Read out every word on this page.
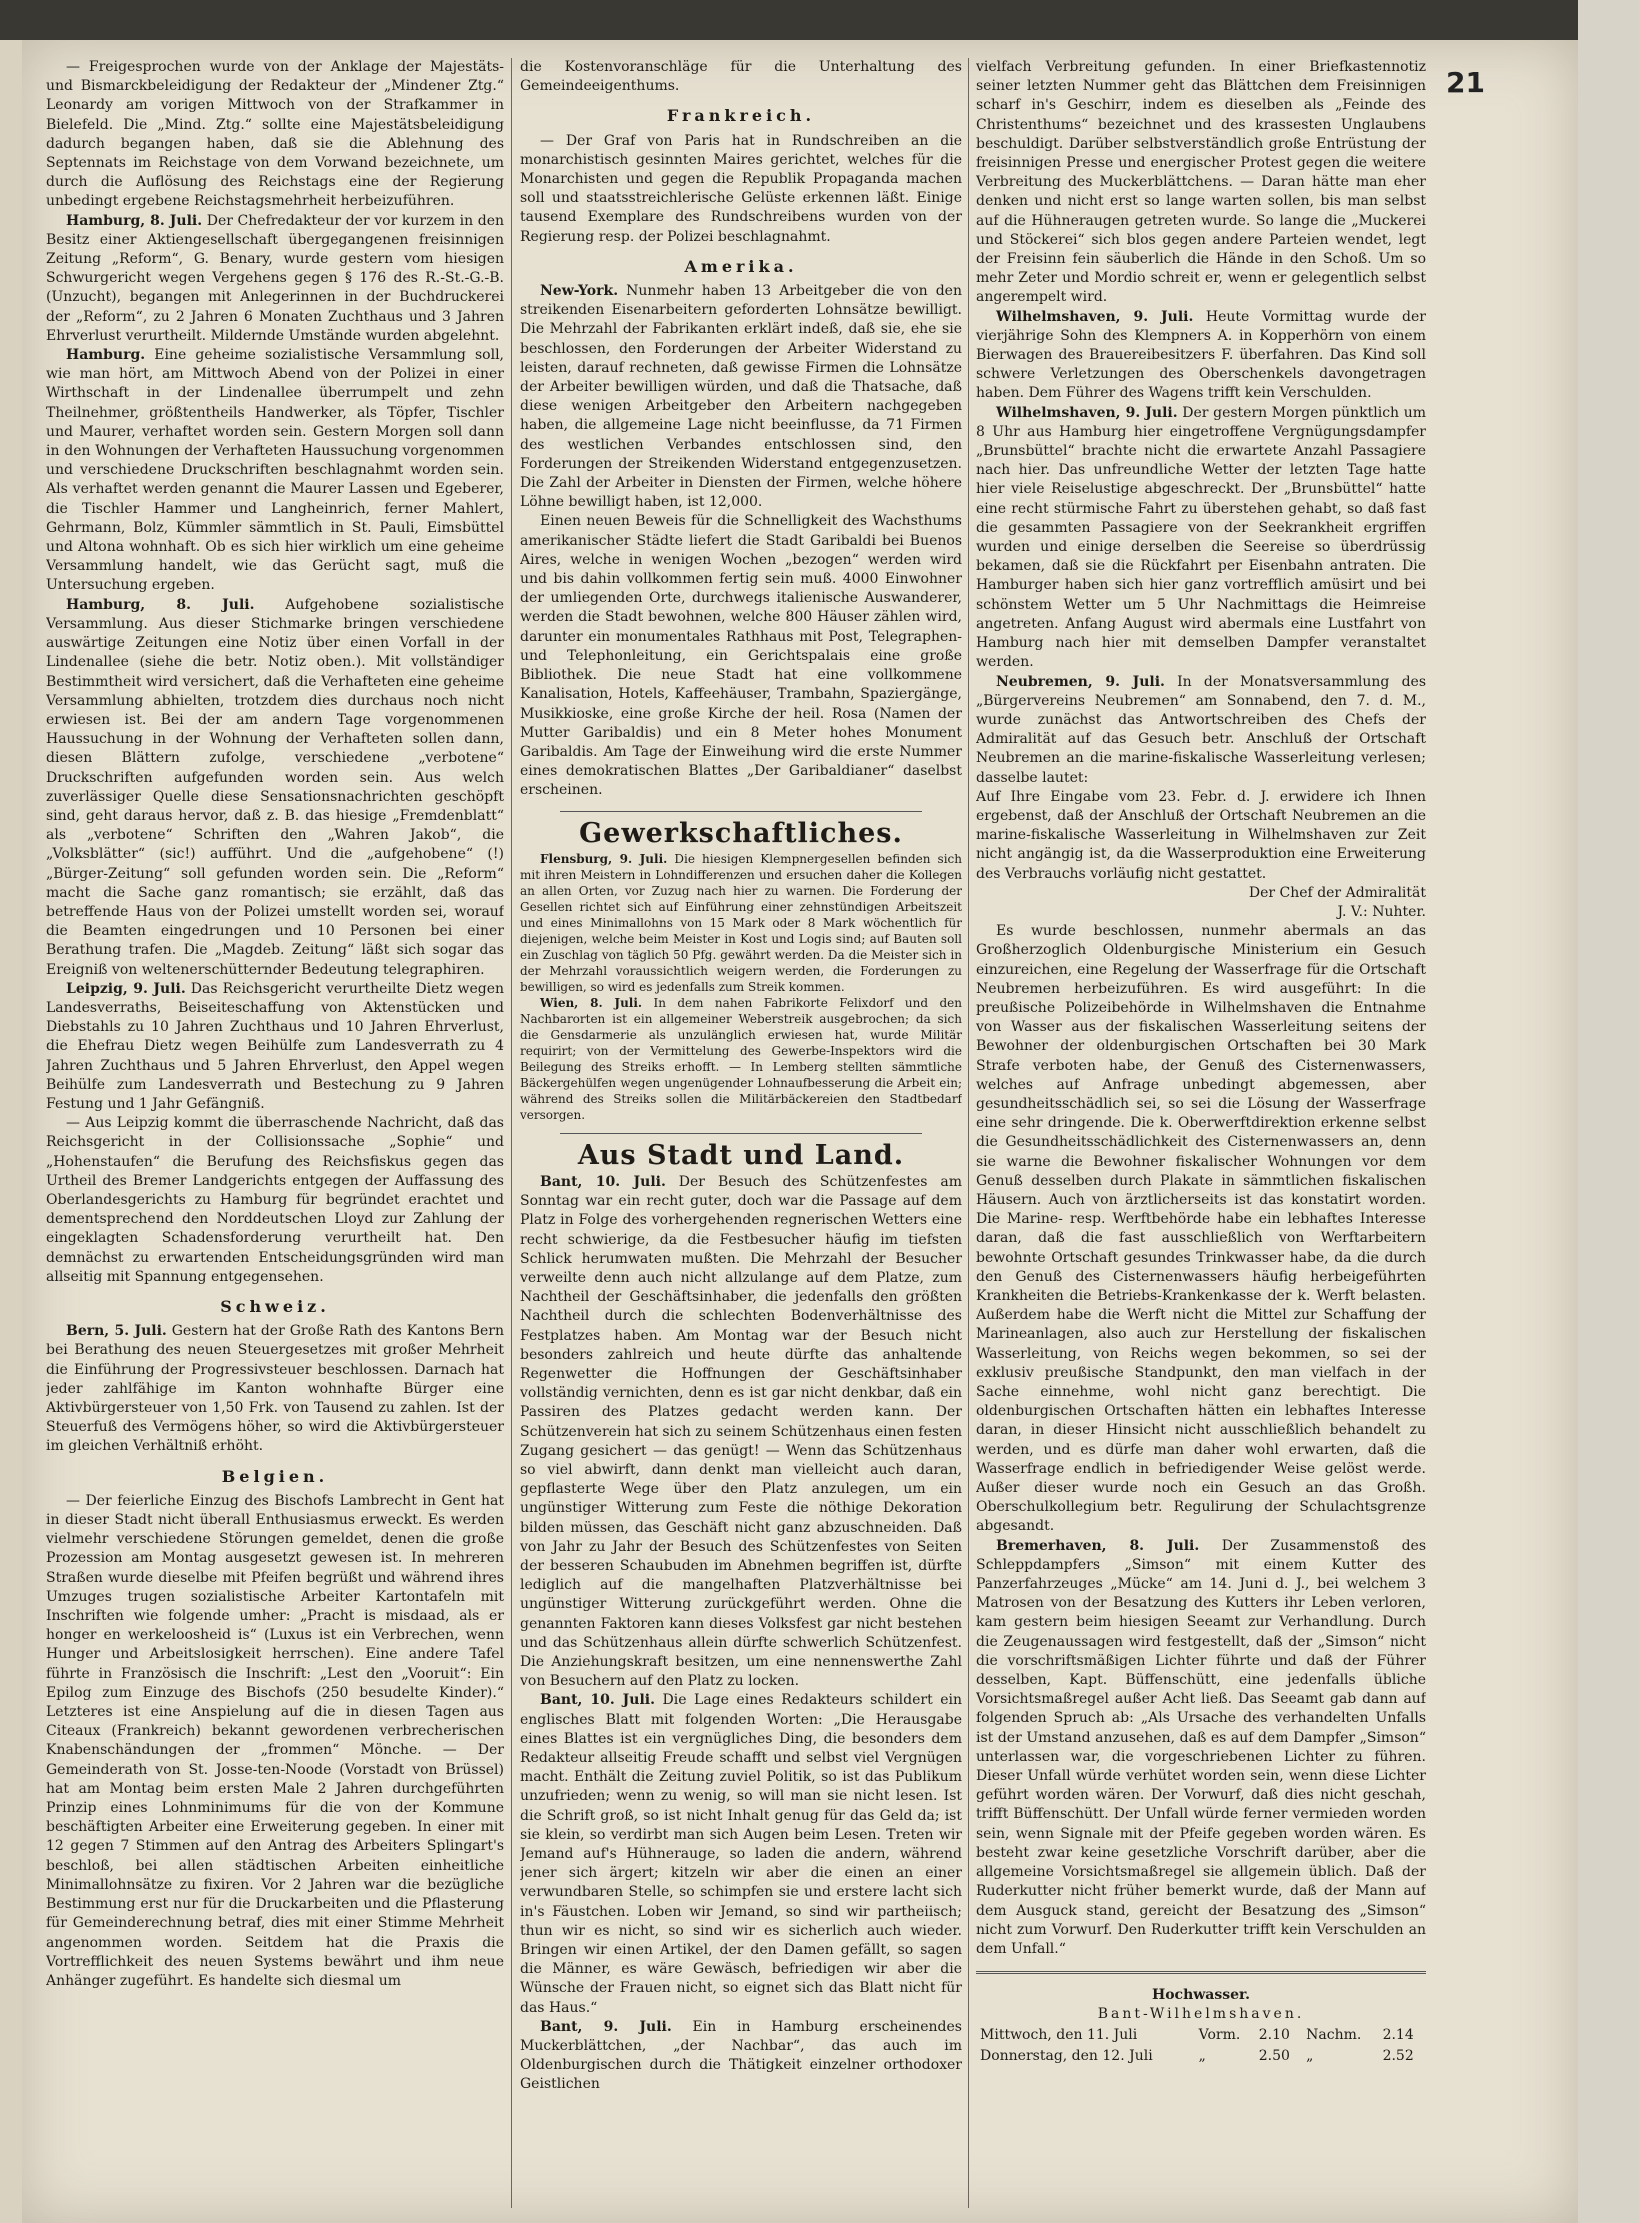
21

— Freigesprochen wurde von der Anklage der Majestäts- und Bismarckbeleidigung der Redakteur der „Mindener Ztg.“ Leonardy am vorigen Mittwoch von der Strafkammer in Bielefeld. Die „Mind. Ztg.“ sollte eine Majestätsbeleidigung dadurch begangen haben, daß sie die Ablehnung des Septennats im Reichstage von dem Vorwand bezeichnete, um durch die Auflösung des Reichstags eine der Regierung unbedingt ergebene Reichstagsmehrheit herbeizuführen.

Hamburg, 8. Juli. Der Chefredakteur der vor kurzem in den Besitz einer Aktiengesellschaft übergegangenen freisinnigen Zeitung „Reform“, G. Benary, wurde gestern vom hiesigen Schwurgericht wegen Vergehens gegen § 176 des R.-St.-G.-B. (Unzucht), begangen mit Anlegerinnen in der Buchdruckerei der „Reform“, zu 2 Jahren 6 Monaten Zuchthaus und 3 Jahren Ehrverlust verurtheilt. Mildernde Umstände wurden abgelehnt.

Hamburg. Eine geheime sozialistische Versammlung soll, wie man hört, am Mittwoch Abend von der Polizei in einer Wirthschaft in der Lindenallee überrumpelt und zehn Theilnehmer, größtentheils Handwerker, als Töpfer, Tischler und Maurer, verhaftet worden sein. Gestern Morgen soll dann in den Wohnungen der Verhafteten Haussuchung vorgenommen und verschiedene Druckschriften beschlagnahmt worden sein. Als verhaftet werden genannt die Maurer Lassen und Egeberer, die Tischler Hammer und Langheinrich, ferner Mahlert, Gehrmann, Bolz, Kümmler sämmtlich in St. Pauli, Eimsbüttel und Altona wohnhaft. Ob es sich hier wirklich um eine geheime Versammlung handelt, wie das Gerücht sagt, muß die Untersuchung ergeben.

Hamburg, 8. Juli. Aufgehobene sozialistische Versammlung. Aus dieser Stichmarke bringen verschiedene auswärtige Zeitungen eine Notiz über einen Vorfall in der Lindenallee (siehe die betr. Notiz oben.). Mit vollständiger Bestimmtheit wird versichert, daß die Verhafteten eine geheime Versammlung abhielten, trotzdem dies durchaus noch nicht erwiesen ist. Bei der am andern Tage vorgenommenen Haussuchung in der Wohnung der Verhafteten sollen dann, diesen Blättern zufolge, verschiedene „verbotene“ Druckschriften aufgefunden worden sein. Aus welch zuverlässiger Quelle diese Sensationsnachrichten geschöpft sind, geht daraus hervor, daß z. B. das hiesige „Fremdenblatt“ als „verbotene“ Schriften den „Wahren Jakob“, die „Volksblätter“ (sic!) aufführt. Und die „aufgehobene“ (!) „Bürger-Zeitung“ soll gefunden worden sein. Die „Reform“ macht die Sache ganz romantisch; sie erzählt, daß das betreffende Haus von der Polizei umstellt worden sei, worauf die Beamten eingedrungen und 10 Personen bei einer Berathung trafen. Die „Magdeb. Zeitung“ läßt sich sogar das Ereigniß von weltenerschütternder Bedeutung telegraphiren.

Leipzig, 9. Juli. Das Reichsgericht verurtheilte Dietz wegen Landesverraths, Beiseiteschaffung von Aktenstücken und Diebstahls zu 10 Jahren Zuchthaus und 10 Jahren Ehrverlust, die Ehefrau Dietz wegen Beihülfe zum Landesverrath zu 4 Jahren Zuchthaus und 5 Jahren Ehrverlust, den Appel wegen Beihülfe zum Landesverrath und Bestechung zu 9 Jahren Festung und 1 Jahr Gefängniß.

— Aus Leipzig kommt die überraschende Nachricht, daß das Reichsgericht in der Collisionssache „Sophie“ und „Hohenstaufen“ die Berufung des Reichsfiskus gegen das Urtheil des Bremer Landgerichts entgegen der Auffassung des Oberlandesgerichts zu Hamburg für begründet erachtet und dementsprechend den Norddeutschen Lloyd zur Zahlung der eingeklagten Schadensforderung verurtheilt hat. Den demnächst zu erwartenden Entscheidungsgründen wird man allseitig mit Spannung entgegensehen.

Schweiz.

Bern, 5. Juli. Gestern hat der Große Rath des Kantons Bern bei Berathung des neuen Steuergesetzes mit großer Mehrheit die Einführung der Progressivsteuer beschlossen. Darnach hat jeder zahlfähige im Kanton wohnhafte Bürger eine Aktivbürgersteuer von 1,50 Frk. von Tausend zu zahlen. Ist der Steuerfuß des Vermögens höher, so wird die Aktivbürgersteuer im gleichen Verhältniß erhöht.

Belgien.

— Der feierliche Einzug des Bischofs Lambrecht in Gent hat in dieser Stadt nicht überall Enthusiasmus erweckt. Es werden vielmehr verschiedene Störungen gemeldet, denen die große Prozession am Montag ausgesetzt gewesen ist. In mehreren Straßen wurde dieselbe mit Pfeifen begrüßt und während ihres Umzuges trugen sozialistische Arbeiter Kartontafeln mit Inschriften wie folgende umher: „Pracht is misdaad, als er honger en werkeloosheid is“ (Luxus ist ein Verbrechen, wenn Hunger und Arbeitslosigkeit herrschen). Eine andere Tafel führte in Französisch die Inschrift: „Lest den „Vooruit“: Ein Epilog zum Einzuge des Bischofs (250 besudelte Kinder).“ Letzteres ist eine Anspielung auf die in diesen Tagen aus Citeaux (Frankreich) bekannt gewordenen verbrecherischen Knabenschändungen der „frommen“ Mönche. — Der Gemeinderath von St. Josse-ten-Noode (Vorstadt von Brüssel) hat am Montag beim ersten Male 2 Jahren durchgeführten Prinzip eines Lohnminimums für die von der Kommune beschäftigten Arbeiter eine Erweiterung gegeben. In einer mit 12 gegen 7 Stimmen auf den Antrag des Arbeiters Splingart's beschloß, bei allen städtischen Arbeiten einheitliche Minimallohnsätze zu fixiren. Vor 2 Jahren war die bezügliche Bestimmung erst nur für die Druckarbeiten und die Pflasterung für Gemeinderechnung betraf, dies mit einer Stimme Mehrheit angenommen worden. Seitdem hat die Praxis die Vortrefflichkeit des neuen Systems bewährt und ihm neue Anhänger zugeführt. Es handelte sich diesmal um

die Kostenvoranschläge für die Unterhaltung des Gemeindeeigenthums.

Frankreich.

— Der Graf von Paris hat in Rundschreiben an die monarchistisch gesinnten Maires gerichtet, welches für die Monarchisten und gegen die Republik Propaganda machen soll und staatsstreichlerische Gelüste erkennen läßt. Einige tausend Exemplare des Rundschreibens wurden von der Regierung resp. der Polizei beschlagnahmt.

Amerika.

New-York. Nunmehr haben 13 Arbeitgeber die von den streikenden Eisenarbeitern geforderten Lohnsätze bewilligt. Die Mehrzahl der Fabrikanten erklärt indeß, daß sie, ehe sie beschlossen, den Forderungen der Arbeiter Widerstand zu leisten, darauf rechneten, daß gewisse Firmen die Lohnsätze der Arbeiter bewilligen würden, und daß die Thatsache, daß diese wenigen Arbeitgeber den Arbeitern nachgegeben haben, die allgemeine Lage nicht beeinflusse, da 71 Firmen des westlichen Verbandes entschlossen sind, den Forderungen der Streikenden Widerstand entgegenzusetzen. Die Zahl der Arbeiter in Diensten der Firmen, welche höhere Löhne bewilligt haben, ist 12,000.

Einen neuen Beweis für die Schnelligkeit des Wachsthums amerikanischer Städte liefert die Stadt Garibaldi bei Buenos Aires, welche in wenigen Wochen „bezogen“ werden wird und bis dahin vollkommen fertig sein muß. 4000 Einwohner der umliegenden Orte, durchwegs italienische Auswanderer, werden die Stadt bewohnen, welche 800 Häuser zählen wird, darunter ein monumentales Rathhaus mit Post, Telegraphen- und Telephonleitung, ein Gerichtspalais eine große Bibliothek. Die neue Stadt hat eine vollkommene Kanalisation, Hotels, Kaffeehäuser, Trambahn, Spaziergänge, Musikkioske, eine große Kirche der heil. Rosa (Namen der Mutter Garibaldis) und ein 8 Meter hohes Monument Garibaldis. Am Tage der Einweihung wird die erste Nummer eines demokratischen Blattes „Der Garibaldianer“ daselbst erscheinen.

Gewerkschaftliches.

Flensburg, 9. Juli. Die hiesigen Klempnergesellen befinden sich mit ihren Meistern in Lohndifferenzen und ersuchen daher die Kollegen an allen Orten, vor Zuzug nach hier zu warnen. Die Forderung der Gesellen richtet sich auf Einführung einer zehnstündigen Arbeitszeit und eines Minimallohns von 15 Mark oder 8 Mark wöchentlich für diejenigen, welche beim Meister in Kost und Logis sind; auf Bauten soll ein Zuschlag von täglich 50 Pfg. gewährt werden. Da die Meister sich in der Mehrzahl voraussichtlich weigern werden, die Forderungen zu bewilligen, so wird es jedenfalls zum Streik kommen.

Wien, 8. Juli. In dem nahen Fabrikorte Felixdorf und den Nachbarorten ist ein allgemeiner Weberstreik ausgebrochen; da sich die Gensdarmerie als unzulänglich erwiesen hat, wurde Militär requirirt; von der Vermittelung des Gewerbe-Inspektors wird die Beilegung des Streiks erhofft. — In Lemberg stellten sämmtliche Bäckergehülfen wegen ungenügender Lohnaufbesserung die Arbeit ein; während des Streiks sollen die Militärbäckereien den Stadtbedarf versorgen.

Aus Stadt und Land.

Bant, 10. Juli. Der Besuch des Schützenfestes am Sonntag war ein recht guter, doch war die Passage auf dem Platz in Folge des vorhergehenden regnerischen Wetters eine recht schwierige, da die Festbesucher häufig im tiefsten Schlick herumwaten mußten. Die Mehrzahl der Besucher verweilte denn auch nicht allzulange auf dem Platze, zum Nachtheil der Geschäftsinhaber, die jedenfalls den größten Nachtheil durch die schlechten Bodenverhältnisse des Festplatzes haben. Am Montag war der Besuch nicht besonders zahlreich und heute dürfte das anhaltende Regenwetter die Hoffnungen der Geschäftsinhaber vollständig vernichten, denn es ist gar nicht denkbar, daß ein Passiren des Platzes gedacht werden kann. Der Schützenverein hat sich zu seinem Schützenhaus einen festen Zugang gesichert — das genügt! — Wenn das Schützenhaus so viel abwirft, dann denkt man vielleicht auch daran, gepflasterte Wege über den Platz anzulegen, um ein ungünstiger Witterung zum Feste die nöthige Dekoration bilden müssen, das Geschäft nicht ganz abzuschneiden. Daß von Jahr zu Jahr der Besuch des Schützenfestes von Seiten der besseren Schaubuden im Abnehmen begriffen ist, dürfte lediglich auf die mangelhaften Platzverhältnisse bei ungünstiger Witterung zurückgeführt werden. Ohne die genannten Faktoren kann dieses Volksfest gar nicht bestehen und das Schützenhaus allein dürfte schwerlich Schützenfest. Die Anziehungskraft besitzen, um eine nennenswerthe Zahl von Besuchern auf den Platz zu locken.

Bant, 10. Juli. Die Lage eines Redakteurs schildert ein englisches Blatt mit folgenden Worten: „Die Herausgabe eines Blattes ist ein vergnügliches Ding, die besonders dem Redakteur allseitig Freude schafft und selbst viel Vergnügen macht. Enthält die Zeitung zuviel Politik, so ist das Publikum unzufrieden; wenn zu wenig, so will man sie nicht lesen. Ist die Schrift groß, so ist nicht Inhalt genug für das Geld da; ist sie klein, so verdirbt man sich Augen beim Lesen. Treten wir Jemand auf's Hühnerauge, so laden die andern, während jener sich ärgert; kitzeln wir aber die einen an einer verwundbaren Stelle, so schimpfen sie und erstere lacht sich in's Fäustchen. Loben wir Jemand, so sind wir partheiisch; thun wir es nicht, so sind wir es sicherlich auch wieder. Bringen wir einen Artikel, der den Damen gefällt, so sagen die Männer, es wäre Gewäsch, befriedigen wir aber die Wünsche der Frauen nicht, so eignet sich das Blatt nicht für das Haus.“

Bant, 9. Juli. Ein in Hamburg erscheinendes Muckerblättchen, „der Nachbar“, das auch im Oldenburgischen durch die Thätigkeit einzelner orthodoxer Geistlichen

vielfach Verbreitung gefunden. In einer Briefkastennotiz seiner letzten Nummer geht das Blättchen dem Freisinnigen scharf in's Geschirr, indem es dieselben als „Feinde des Christenthums“ bezeichnet und des krassesten Unglaubens beschuldigt. Darüber selbstverständlich große Entrüstung der freisinnigen Presse und energischer Protest gegen die weitere Verbreitung des Muckerblättchens. — Daran hätte man eher denken und nicht erst so lange warten sollen, bis man selbst auf die Hühneraugen getreten wurde. So lange die „Muckerei und Stöckerei“ sich blos gegen andere Parteien wendet, legt der Freisinn fein säuberlich die Hände in den Schoß. Um so mehr Zeter und Mordio schreit er, wenn er gelegentlich selbst angerempelt wird.

Wilhelmshaven, 9. Juli. Heute Vormittag wurde der vierjährige Sohn des Klempners A. in Kopperhörn von einem Bierwagen des Brauereibesitzers F. überfahren. Das Kind soll schwere Verletzungen des Oberschenkels davongetragen haben. Dem Führer des Wagens trifft kein Verschulden.

Wilhelmshaven, 9. Juli. Der gestern Morgen pünktlich um 8 Uhr aus Hamburg hier eingetroffene Vergnügungsdampfer „Brunsbüttel“ brachte nicht die erwartete Anzahl Passagiere nach hier. Das unfreundliche Wetter der letzten Tage hatte hier viele Reiselustige abgeschreckt. Der „Brunsbüttel“ hatte eine recht stürmische Fahrt zu überstehen gehabt, so daß fast die gesammten Passagiere von der Seekrankheit ergriffen wurden und einige derselben die Seereise so überdrüssig bekamen, daß sie die Rückfahrt per Eisenbahn antraten. Die Hamburger haben sich hier ganz vortrefflich amüsirt und bei schönstem Wetter um 5 Uhr Nachmittags die Heimreise angetreten. Anfang August wird abermals eine Lustfahrt von Hamburg nach hier mit demselben Dampfer veranstaltet werden.

Neubremen, 9. Juli. In der Monatsversammlung des „Bürgervereins Neubremen“ am Sonnabend, den 7. d. M., wurde zunächst das Antwortschreiben des Chefs der Admiralität auf das Gesuch betr. Anschluß der Ortschaft Neubremen an die marine-fiskalische Wasserleitung verlesen; dasselbe lautet:

Auf Ihre Eingabe vom 23. Febr. d. J. erwidere ich Ihnen ergebenst, daß der Anschluß der Ortschaft Neubremen an die marine-fiskalische Wasserleitung in Wilhelmshaven zur Zeit nicht angängig ist, da die Wasserproduktion eine Erweiterung des Verbrauchs vorläufig nicht gestattet.

Der Chef der Admiralität

J. V.: Nuhter.

Es wurde beschlossen, nunmehr abermals an das Großherzoglich Oldenburgische Ministerium ein Gesuch einzureichen, eine Regelung der Wasserfrage für die Ortschaft Neubremen herbeizuführen. Es wird ausgeführt: In die preußische Polizeibehörde in Wilhelmshaven die Entnahme von Wasser aus der fiskalischen Wasserleitung seitens der Bewohner der oldenburgischen Ortschaften bei 30 Mark Strafe verboten habe, der Genuß des Cisternenwassers, welches auf Anfrage unbedingt abgemessen, aber gesundheitsschädlich sei, so sei die Lösung der Wasserfrage eine sehr dringende. Die k. Oberwerftdirektion erkenne selbst die Gesundheitsschädlichkeit des Cisternenwassers an, denn sie warne die Bewohner fiskalischer Wohnungen vor dem Genuß desselben durch Plakate in sämmtlichen fiskalischen Häusern. Auch von ärztlicherseits ist das konstatirt worden. Die Marine- resp. Werftbehörde habe ein lebhaftes Interesse daran, daß die fast ausschließlich von Werftarbeitern bewohnte Ortschaft gesundes Trinkwasser habe, da die durch den Genuß des Cisternenwassers häufig herbeigeführten Krankheiten die Betriebs-Krankenkasse der k. Werft belasten. Außerdem habe die Werft nicht die Mittel zur Schaffung der Marineanlagen, also auch zur Herstellung der fiskalischen Wasserleitung, von Reichs wegen bekommen, so sei der exklusiv preußische Standpunkt, den man vielfach in der Sache einnehme, wohl nicht ganz berechtigt. Die oldenburgischen Ortschaften hätten ein lebhaftes Interesse daran, in dieser Hinsicht nicht ausschließlich behandelt zu werden, und es dürfe man daher wohl erwarten, daß die Wasserfrage endlich in befriedigender Weise gelöst werde. Außer dieser wurde noch ein Gesuch an das Großh. Oberschulkollegium betr. Regulirung der Schulachtsgrenze abgesandt.

Bremerhaven, 8. Juli. Der Zusammenstoß des Schleppdampfers „Simson“ mit einem Kutter des Panzerfahrzeuges „Mücke“ am 14. Juni d. J., bei welchem 3 Matrosen von der Besatzung des Kutters ihr Leben verloren, kam gestern beim hiesigen Seeamt zur Verhandlung. Durch die Zeugenaussagen wird festgestellt, daß der „Simson“ nicht die vorschriftsmäßigen Lichter führte und daß der Führer desselben, Kapt. Büffenschütt, eine jedenfalls übliche Vorsichtsmaßregel außer Acht ließ. Das Seeamt gab dann auf folgenden Spruch ab: „Als Ursache des verhandelten Unfalls ist der Umstand anzusehen, daß es auf dem Dampfer „Simson“ unterlassen war, die vorgeschriebenen Lichter zu führen. Dieser Unfall würde verhütet worden sein, wenn diese Lichter geführt worden wären. Der Vorwurf, daß dies nicht geschah, trifft Büffenschütt. Der Unfall würde ferner vermieden worden sein, wenn Signale mit der Pfeife gegeben worden wären. Es besteht zwar keine gesetzliche Vorschrift darüber, aber die allgemeine Vorsichtsmaßregel sie allgemein üblich. Daß der Ruderkutter nicht früher bemerkt wurde, daß der Mann auf dem Ausguck stand, gereicht der Besatzung des „Simson“ nicht zum Vorwurf. Den Ruderkutter trifft kein Verschulden an dem Unfall.“

Hochwasser.
Bant-Wilhelmshaven.
Mittwoch, den 11. Juli	Vorm.	2.10	Nachm.	2.14
Donnerstag, den 12. Juli	„	2.50	„	2.52
